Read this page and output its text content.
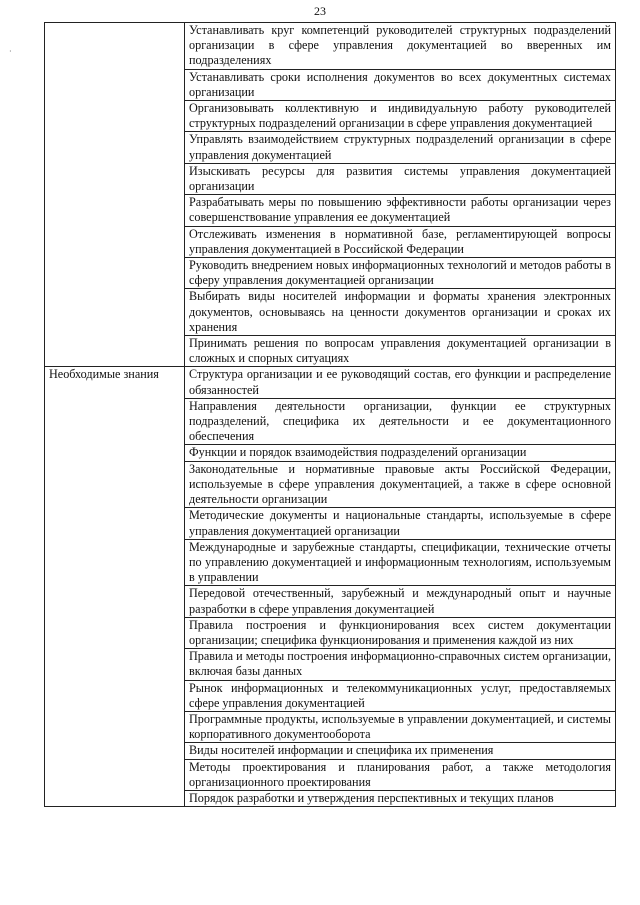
23
·
	Устанавливать круг компетенций руководителей структурных подразделений организации в сфере управления документацией во вверенных им подразделениях
	Устанавливать сроки исполнения документов во всех документных системах организации
	Организовывать коллективную и индивидуальную работу руководителей структурных подразделений организации в сфере управления документацией
	Управлять взаимодействием структурных подразделений организации в сфере управления документацией
	Изыскивать ресурсы для развития системы управления документацией организации
	Разрабатывать меры по повышению эффективности работы организации через совершенствование управления ее документацией
	Отслеживать изменения в нормативной базе, регламентирующей вопросы управления документацией в Российской Федерации
	Руководить внедрением новых информационных технологий и методов работы в сферу управления документацией организации
	Выбирать виды носителей информации и форматы хранения электронных документов, основываясь на ценности документов организации и сроках их хранения
	Принимать решения по вопросам управления документацией организации в сложных и спорных ситуациях
Необходимые знания	Структура организации и ее руководящий состав, его функции и распределение обязанностей
	Направления деятельности организации, функции ее структурных подразделений, специфика их деятельности и ее документационного обеспечения
	Функции и порядок взаимодействия подразделений организации
	Законодательные и нормативные правовые акты Российской Федерации, используемые в сфере управления документацией, а также в сфере основной деятельности организации
	Методические документы и национальные стандарты, используемые в сфере управления документацией организации
	Международные и зарубежные стандарты, спецификации, технические отчеты по управлению документацией и информационным технологиям, используемым в управлении
	Передовой отечественный, зарубежный и международный опыт и научные разработки в сфере управления документацией
	Правила построения и функционирования всех систем документации организации; специфика функционирования и применения каждой из них
	Правила и методы построения информационно-справочных систем организации, включая базы данных
	Рынок информационных и телекоммуникационных услуг, предоставляемых сфере управления документацией
	Программные продукты, используемые в управлении документацией, и системы корпоративного документооборота
	Виды носителей информации и специфика их применения
	Методы проектирования и планирования работ, а также методология организационного проектирования
	Порядок разработки и утверждения перспективных и текущих планов
